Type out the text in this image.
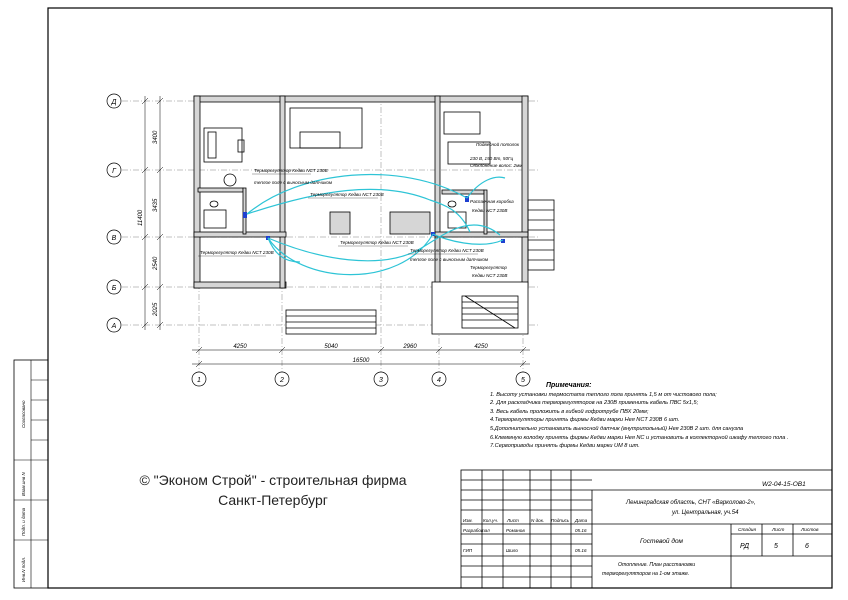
Согласовано
Взам.инв N
Подп. и дата
Инв.N подл.
Д
Г
В
Б
А
1	2	3	4	5
3400
3435
2540
2025
11400
4250	5040	2960	4250
16500
Терморегулятор Кедви NCT 230В
теплое поле с выносным датчиком
Терморегулятор Кедви NCT 230В
Терморегулятор Кедви NCT 230В
Терморегулятор Кедви NCT 230В	Терморегулятор Кедви NCT 230В
теплое поле с выносным датчиком
Терморегулятор
Кедви NCT 230В
Распаечная коробка
Кедви NCT 230В
Подвесной потолок
230 В, 150 Вт, 50Гц
Отклонение волос: 2мм
W2-04-15-ОВ1
Ленинградская область, СНТ «Варколово-2»,
ул. Центральная, уч.54
Изм. Кол.уч. Лист	N док. Подпись Дата
Разработал	Романов	05.16
ГИП	Шило	05.16
Гостевой дом
Стадия	Лист	Листов
РД	5	6
Отопление. План расстановки
терморегуляторов на 1-ом этаже.
Примечания:
1. Высоту установки термостата теплого пола принять 1,5 м от чистового пола;
2. Для раскладчика терморегуляторов на 230В применить кабель ПВС 5х1,5;
3. Весь кабель проложить в гибкой гофротрубе ПВХ 20мм;
4.Терморегуляторы принять фирмы Кедви марки Нея NCT 230В 6 шт.
5.Дополнительно установить выносной датчик (внутрипольный) Нея 230В 2 шт. для санузла
6.Клеммную колодку принять фирмы Кедви марки Нея NC и установить в коллекторной шкафу теплого пола .
7.Сервоприводы принять фирмы Кедви марки UM 8 шт.
© "Эконом Строй" - строительная фирма
Санкт-Петербург
